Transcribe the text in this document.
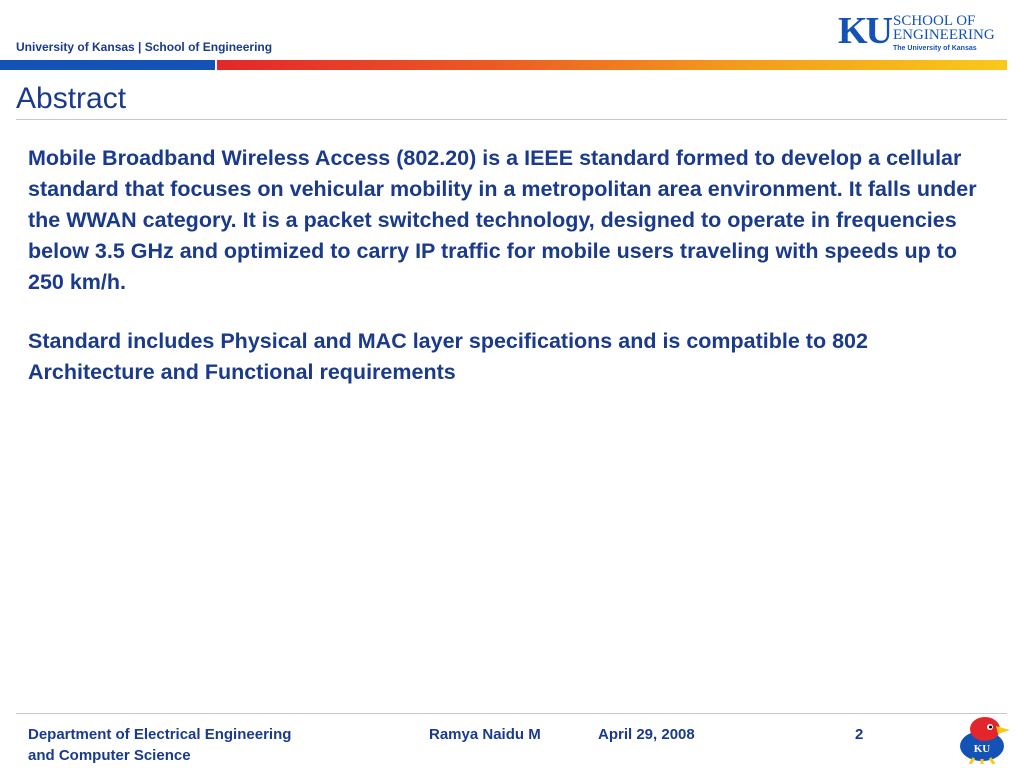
University of Kansas | School of Engineering	KU SCHOOL OF
ENGINEERING
The University of Kansas
Abstract

Mobile Broadband Wireless Access (802.20) is a IEEE standard formed to develop a cellular standard that focuses on vehicular mobility in a metropolitan area environment. It falls under the WWAN category. It is a packet switched technology, designed to operate in frequencies below 3.5 GHz and optimized to carry IP traffic for mobile users traveling with speeds up to 250 km/h.

Standard includes Physical and MAC layer specifications and is compatible to 802 Architecture and Functional requirements

Department of Electrical Engineering
and Computer Science
Ramya Naidu M	April 29, 2008	2
KU
